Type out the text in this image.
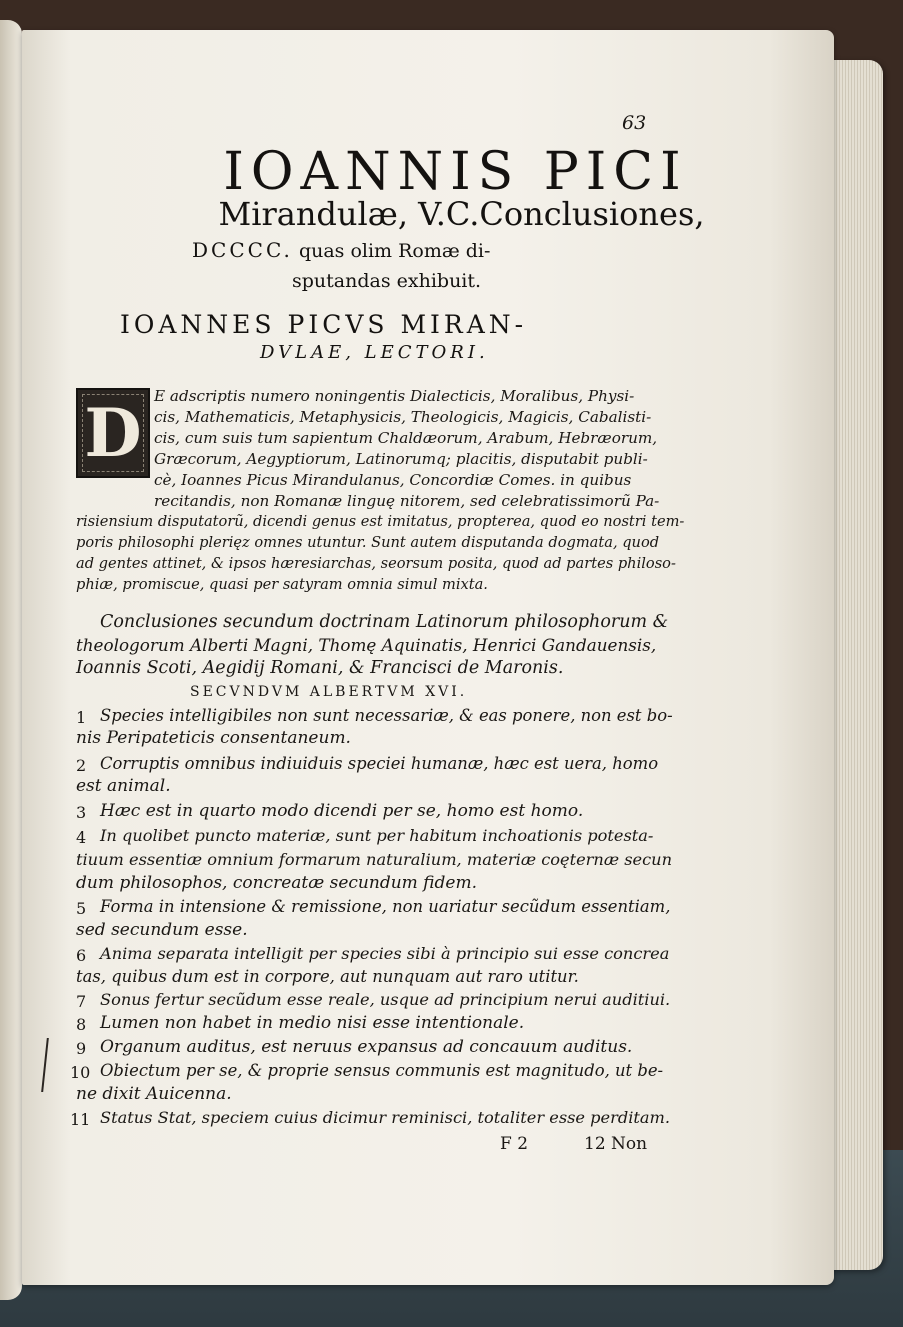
63
IOANNIS PICI
Mirandulæ, V.C.Conclusiones,
DCCCC. quas olim Romæ di-
sputandas exhibuit.
IOANNES PICVS MIRAN-
DVLAE, LECTORI.
D E adscriptis numero noningentis Dialecticis, Moralibus, Physi-
cis, Mathematicis, Metaphysicis, Theologicis, Magicis, Cabalisti-
cis, cum suis tum sapientum Chaldæorum, Arabum, Hebræorum,
Græcorum, Aegyptiorum, Latinorumq; placitis, disputabit publi-
cè, Ioannes Picus Mirandulanus, Concordiæ Comes. in quibus
recitandis, non Romanæ linguę nitorem, sed celebratissimorũ Pa-
risiensium disputatorũ, dicendi genus est imitatus, propterea, quod eo nostri tem-
poris philosophi plerięz omnes utuntur. Sunt autem disputanda dogmata, quod
ad gentes attinet, & ipsos hæresiarchas, seorsum posita, quod ad partes philoso-
phiæ, promiscue, quasi per satyram omnia simul mixta.
Conclusiones secundum doctrinam Latinorum philosophorum &
theologorum Alberti Magni, Thomę Aquinatis, Henrici Gandauensis,
Ioannis Scoti, Aegidij Romani, & Francisci de Maronis.
SECVNDVM ALBERTVM XVI.
1 Species intelligibiles non sunt necessariæ, & eas ponere, non est bo-
nis Peripateticis consentaneum.
2 Corruptis omnibus indiuiduis speciei humanæ, hæc est uera, homo
est animal.
3 Hæc est in quarto modo dicendi per se, homo est homo.
4 In quolibet puncto materiæ, sunt per habitum inchoationis potesta-
tiuum essentiæ omnium formarum naturalium, materiæ coęternæ secun
dum philosophos, concreatæ secundum fidem.
5 Forma in intensione & remissione, non uariatur secũdum essentiam,
sed secundum esse.
6 Anima separata intelligit per species sibi à principio sui esse concrea
tas, quibus dum est in corpore, aut nunquam aut raro utitur.
7 Sonus fertur secũdum esse reale, usque ad principium nerui auditiui.
8 Lumen non habet in medio nisi esse intentionale.
9 Organum auditus, est neruus expansus ad concauum auditus.
10 Obiectum per se, & proprie sensus communis est magnitudo, ut be-
ne dixit Auicenna.
11 Status Stat, speciem cuius dicimur reminisci, totaliter esse perditam.
F 2	12 Non
